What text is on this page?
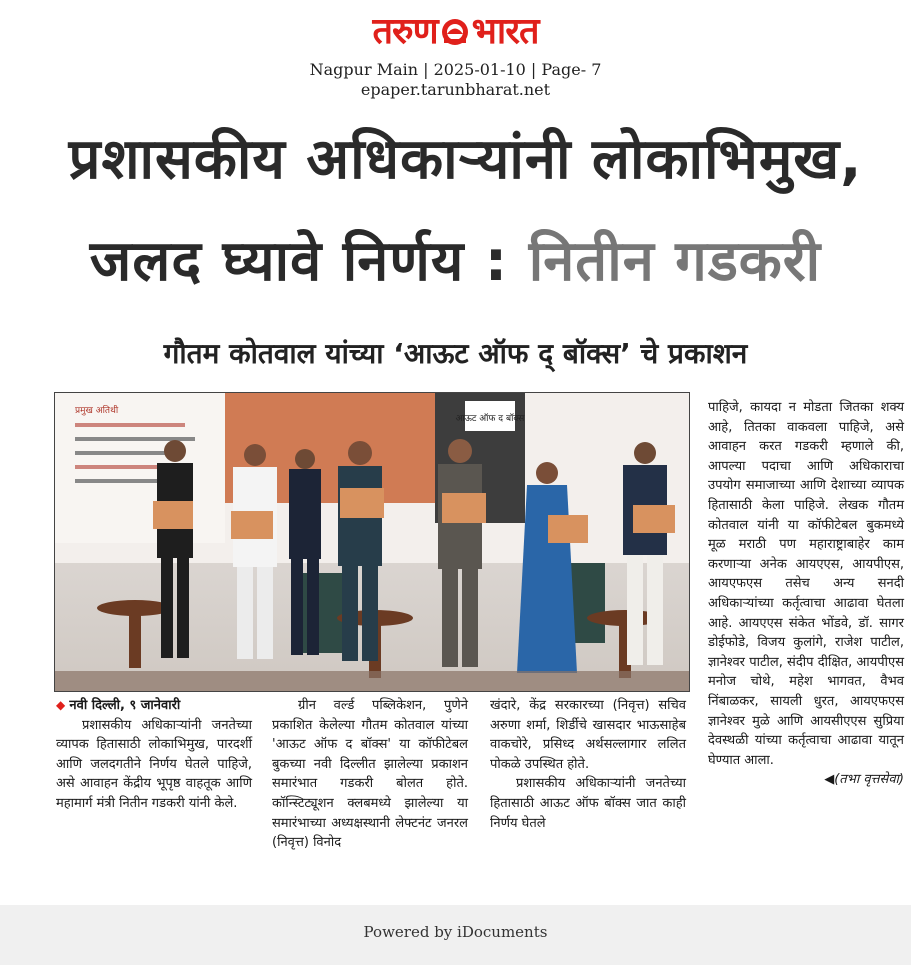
तरुण भारत
Nagpur Main | 2025-01-10 | Page- 7
epaper.tarunbharat.net
प्रशासकीय अधिकाऱ्यांनी लोकाभिमुख,
जलद घ्यावे निर्णय : नितीन गडकरी
गौतम कोतवाल यांच्या ‘आऊट ऑफ द् बॉक्स’ चे प्रकाशन
प्रमुख अतिथी
आऊट ऑफ द बॉक्स

◆ नवी दिल्ली, ९ जानेवारी

प्रशासकीय अधिकाऱ्यांनी जनतेच्या व्यापक हितासाठी लोकाभिमुख, पारदर्शी आणि जलदगतीने निर्णय घेतले पाहिजे, असे आवाहन केंद्रीय भूपृष्ठ वाहतूक आणि महामार्ग मंत्री नितीन गडकरी यांनी केले.

ग्रीन वर्ल्ड पब्लिकेशन, पुणेने प्रकाशित केलेल्या गौतम कोतवाल यांच्या 'आऊट ऑफ द बॉक्स' या कॉफीटेबल बुकच्या नवी दिल्लीत झालेल्या प्रकाशन समारंभात गडकरी बोलत होते. कॉन्स्टिट्यूशन क्लबमध्ये झालेल्या या समारंभाच्या अध्यक्षस्थानी लेफ्टनंट जनरल (निवृत्त) विनोद

खंदारे, केंद्र सरकारच्या (निवृत्त) सचिव अरुणा शर्मा, शिर्डीचे खासदार भाऊसाहेब वाकचोरे, प्रसिध्द अर्थसल्लागार ललित पोकळे उपस्थित होते.

प्रशासकीय अधिकाऱ्यांनी जनतेच्या हितासाठी आऊट ऑफ बॉक्स जात काही निर्णय घेतले

पाहिजे, कायदा न मोडता जितका शक्य आहे, तितका वाकवला पाहिजे, असे आवाहन करत गडकरी म्हणाले की, आपल्या पदाचा आणि अधिकाराचा उपयोग समाजाच्या आणि देशाच्या व्यापक हितासाठी केला पाहिजे. लेखक गौतम कोतवाल यांनी या कॉफीटेबल बुकमध्ये मूळ मराठी पण महाराष्ट्राबाहेर काम करणाऱ्या अनेक आयएएस, आयपीएस, आयएफएस तसेच अन्य सनदी अधिकाऱ्यांच्या कर्तृत्वाचा आढावा घेतला आहे. आयएएस संकेत भोंडवे, डॉ. सागर डोईफोडे, विजय कुलांगे, राजेश पाटील, ज्ञानेश्वर पाटील, संदीप दीक्षित, आयपीएस मनोज चोथे, महेश भागवत, वैभव निंबाळकर, सायली धुरत, आयएफएस ज्ञानेश्वर मुळे आणि आयसीएएस सुप्रिया देवस्थळी यांच्या कर्तृत्वाचा आढावा यातून घेण्यात आला.

◀(तभा वृत्तसेवा)

Powered by iDocuments
